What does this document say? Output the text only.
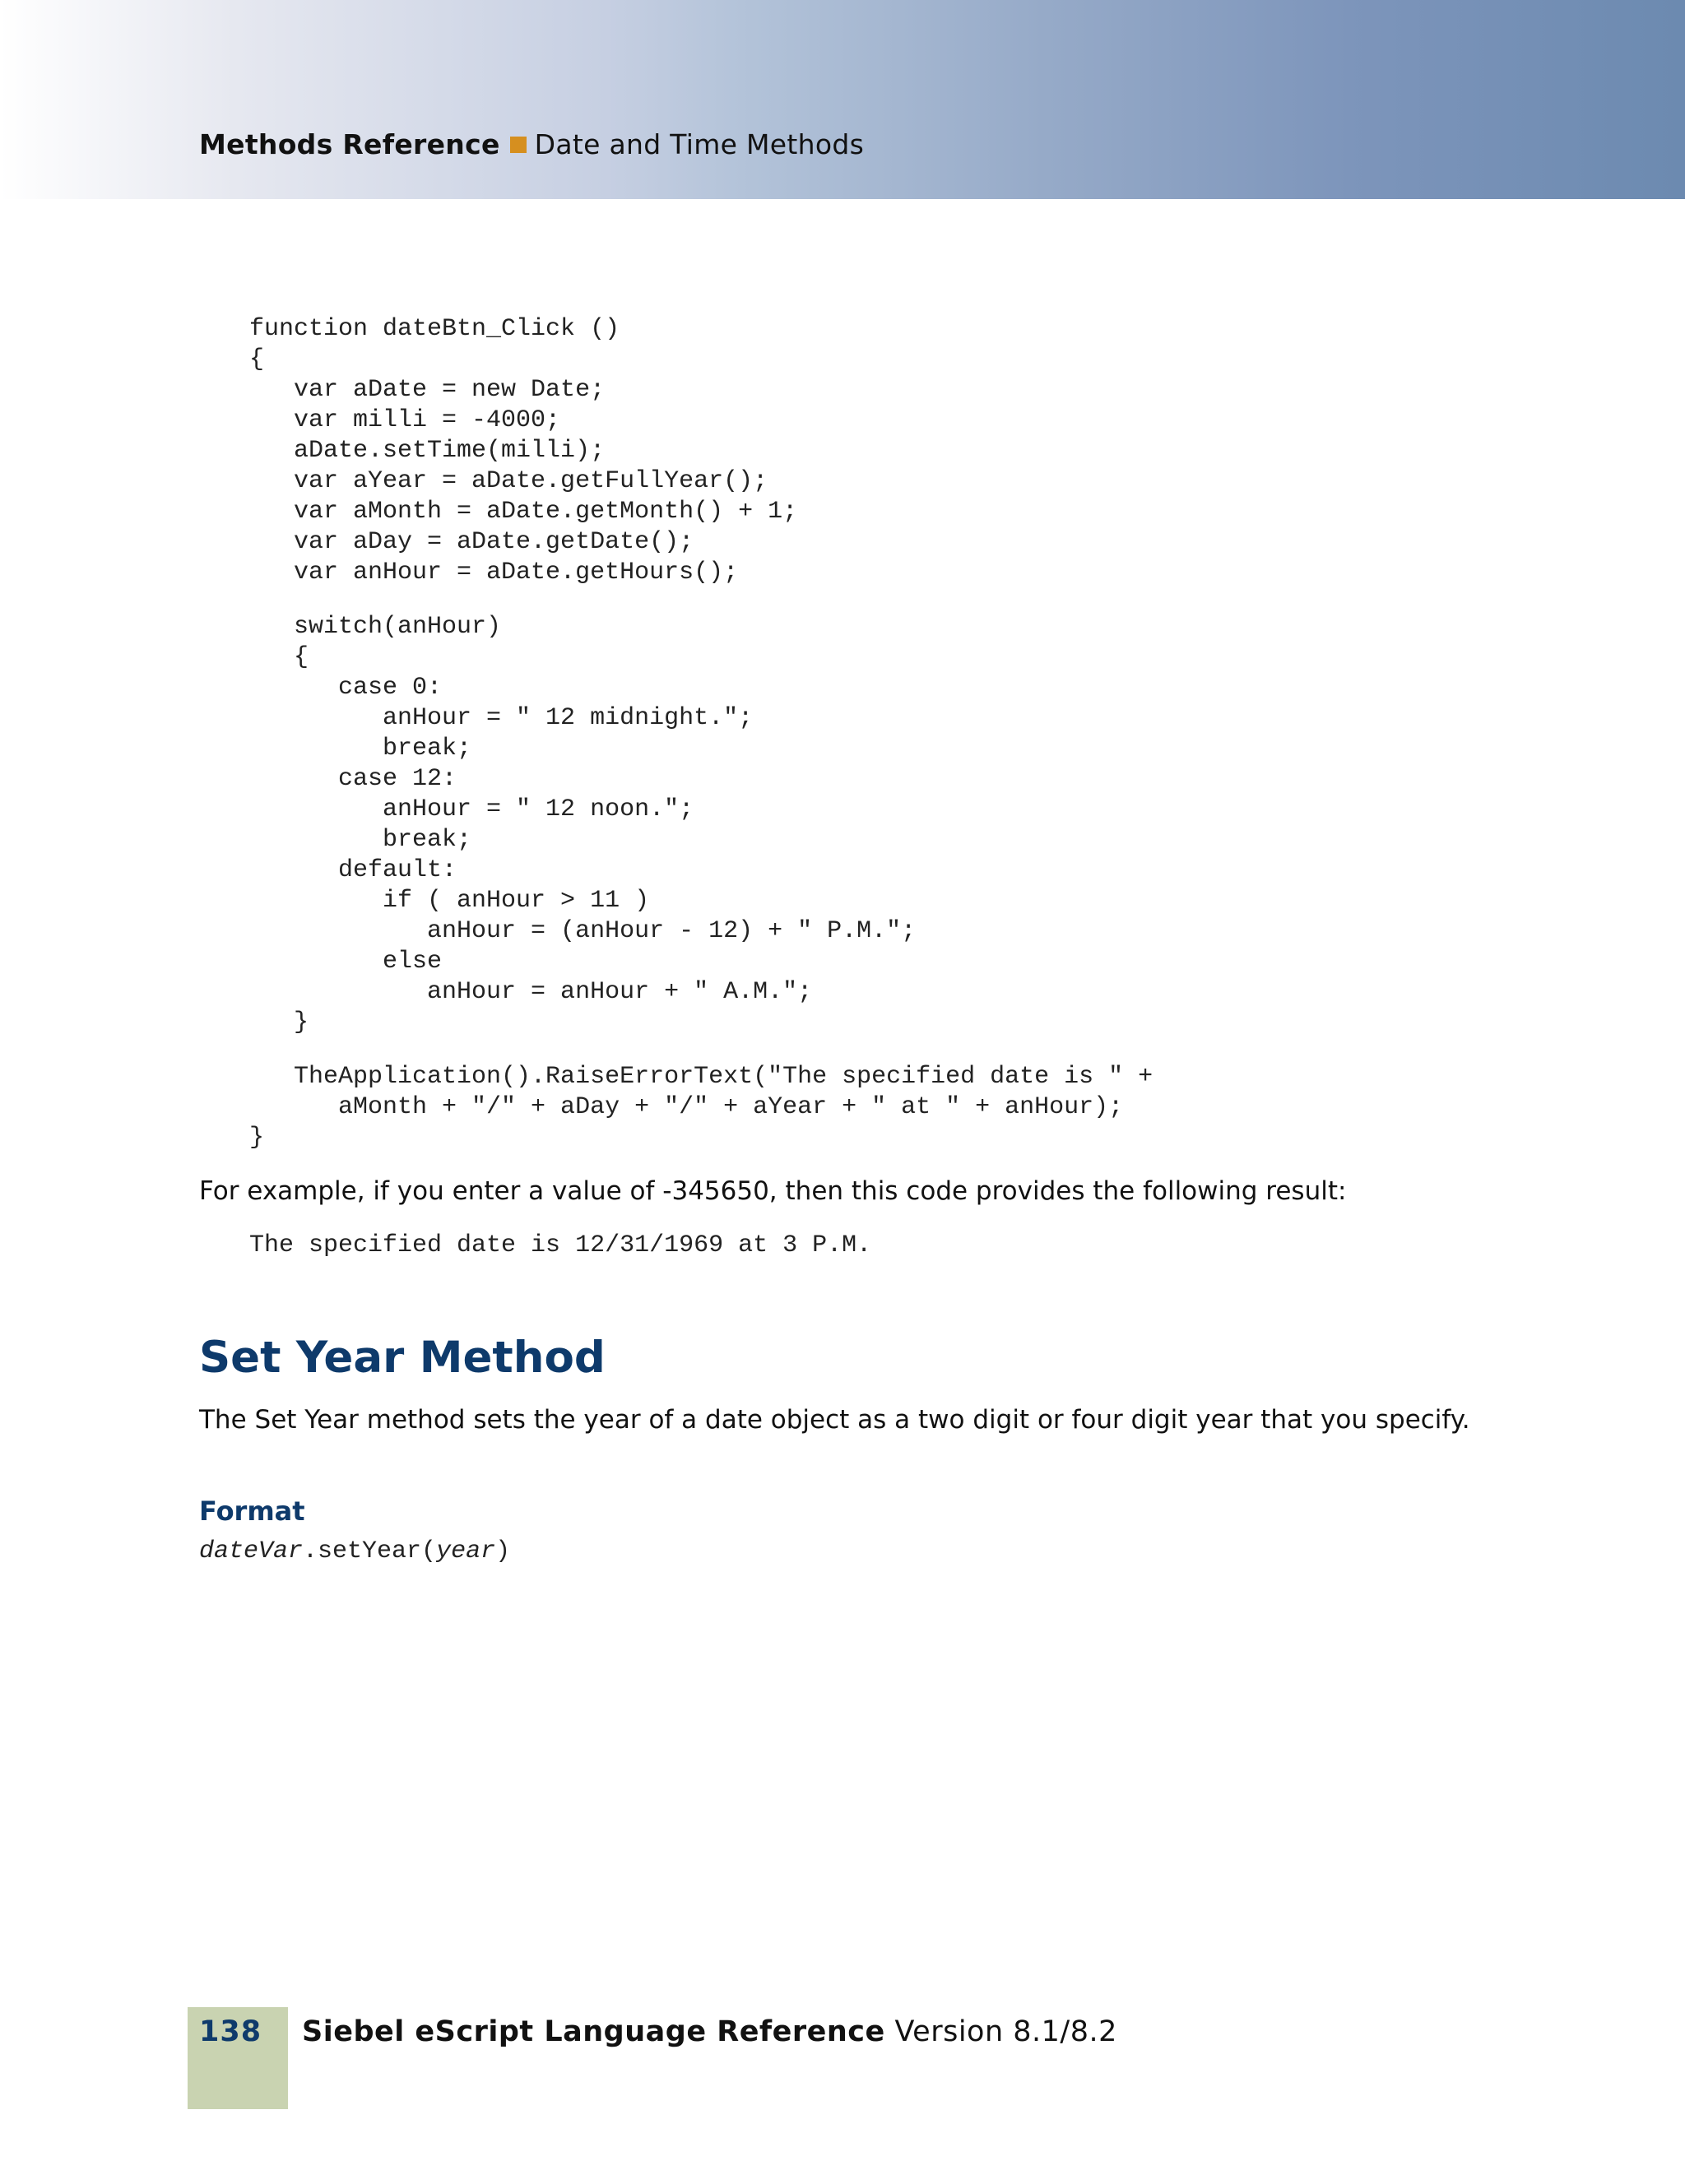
Methods Reference Date and Time Methods
function dateBtn_Click ()
{
var aDate = new Date;
var milli = -4000;
aDate.setTime(milli);
var aYear = aDate.getFullYear();
var aMonth = aDate.getMonth() + 1;
var aDay = aDate.getDate();
var anHour = aDate.getHours();
switch(anHour)
{
case 0:
anHour = " 12 midnight.";
break;
case 12:
anHour = " 12 noon.";
break;
default:
if ( anHour > 11 )
anHour = (anHour - 12) + " P.M.";
else
anHour = anHour + " A.M.";
}
TheApplication().RaiseErrorText("The specified date is " +
aMonth + "/" + aDay + "/" + aYear + " at " + anHour);
}
For example, if you enter a value of -345650, then this code provides the following result:
The specified date is 12/31/1969 at 3 P.M.
Set Year Method
The Set Year method sets the year of a date object as a two digit or four digit year that you specify.
Format
dateVar.setYear(year)
138 Siebel eScript Language Reference Version 8.1/8.2
